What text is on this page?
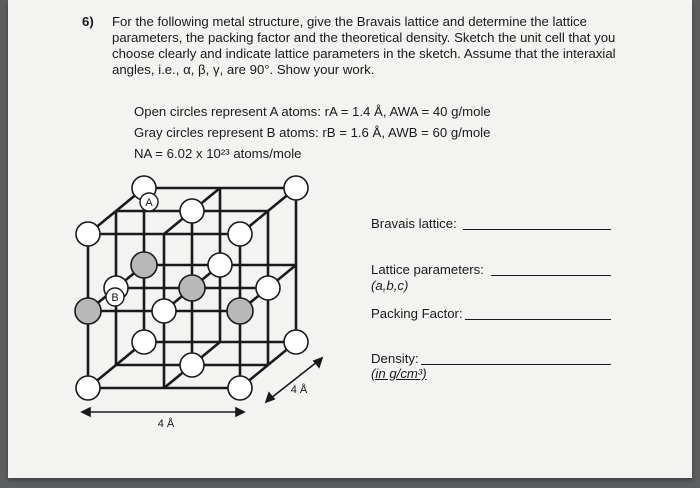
6) For the following metal structure, give the Bravais lattice and determine the lattice parameters, the packing factor and the theoretical density. Sketch the unit cell that you choose clearly and indicate lattice parameters in the sketch. Assume that the interaxial angles, i.e., α, β, γ, are 90°. Show your work.
Open circles represent A atoms: rA = 1.4 Å, AWA = 40 g/mole
Gray circles represent B atoms: rB = 1.6 Å, AWB = 60 g/mole
NA = 6.02 x 10²³ atoms/mole
A
B
4 Å
4 Å
Bravais lattice:
Lattice parameters:
(a,b,c)
Packing Factor:
Density:
(in g/cm³)
